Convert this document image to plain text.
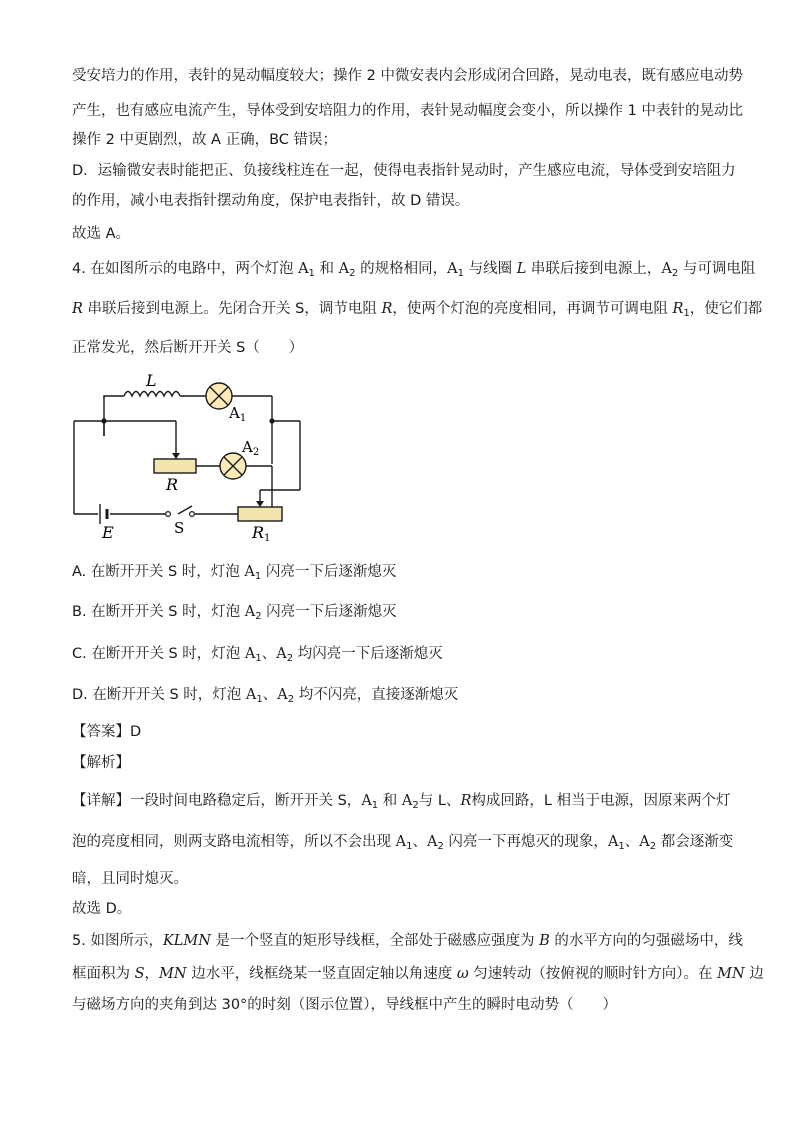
受安培力的作用，表针的晃动幅度较大；操作 2 中微安表内会形成闭合回路，晃动电表，既有感应电动势
产生，也有感应电流产生，导体受到安培阻力的作用，表针晃动幅度会变小，所以操作 1 中表针的晃动比
操作 2 中更剧烈，故 A 正确，BC 错误；
D．运输微安表时能把正、负接线柱连在一起，使得电表指针晃动时，产生感应电流，导体受到安培阻力
的作用，减小电表指针摆动角度，保护电表指针，故 D 错误。
故选 A。
4. 在如图所示的电路中，两个灯泡 $A_1$ 和 $A_2$ 的规格相同，$A_1$ 与线圈 L 串联后接到电源上，$A_2$ 与可调电阻
R 串联后接到电源上。先闭合开关 S，调节电阻 R，使两个灯泡的亮度相同，再调节可调电阻 $R_1$，使它们都
正常发光，然后断开开关 S（　　）
L
$A_1$
$A_2$
R
E	S	R1
A. 在断开开关 S 时，灯泡 $A_1$ 闪亮一下后逐渐熄灭
B. 在断开开关 S 时，灯泡 $A_2$ 闪亮一下后逐渐熄灭
C. 在断开开关 S 时，灯泡 $A_1$、$A_2$ 均闪亮一下后逐渐熄灭
D. 在断开开关 S 时，灯泡 $A_1$、$A_2$ 均不闪亮，直接逐渐熄灭
【答案】D
【解析】
【详解】一段时间电路稳定后，断开开关 S，$A_1$ 和 $A_2$与 L、R构成回路，L 相当于电源，因原来两个灯
泡的亮度相同，则两支路电流相等，所以不会出现 $A_1$、$A_2$ 闪亮一下再熄灭的现象，$A_1$、$A_2$ 都会逐渐变
暗，且同时熄灭。
故选 D。
5. 如图所示，KLMN 是一个竖直的矩形导线框，全部处于磁感应强度为 B 的水平方向的匀强磁场中，线
框面积为 S，MN 边水平，线框绕某一竖直固定轴以角速度 ω 匀速转动（按俯视的顺时针方向）。在 MN 边
与磁场方向的夹角到达 30°的时刻（图示位置），导线框中产生的瞬时电动势（　　）
